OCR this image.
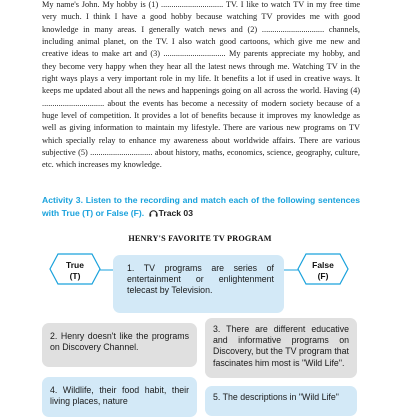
My name's John. My hobby is (1) .............................. TV. I like to watch TV in my free time very much. I think I have a good hobby because watching TV provides me with good knowledge in many areas. I generally watch news and (2) .............................. channels, including animal planet, on the TV. I also watch good cartoons, which give me new and creative ideas to make art and (3) .............................. My parents appreciate my hobby, and they become very happy when they hear all the latest news through me. Watching TV in the right ways plays a very important role in my life. It benefits a lot if used in creative ways. It keeps me updated about all the news and happenings going on all across the world. Having (4) .............................. about the events has become a necessity of modern society because of a huge level of competition. It provides a lot of benefits because it improves my knowledge as well as giving information to maintain my lifestyle. There are various new programs on TV which specially relay to enhance my awareness about worldwide affairs. There are various subjective (5) .............................. about history, maths, economics, science, geography, culture, etc. which increases my knowledge.

Activity 3. Listen to the recording and match each of the following sentences with True (T) or False (F). Track 03
HENRY'S FAVORITE TV PROGRAM
True
(T)
False
(F)
1. TV programs are series of entertainment or enlightenment telecast by Television.
2. Henry doesn't like the programs on Discovery Channel.
3. There are different educative and informative programs on Discovery, but the TV program that fascinates him most is "Wild Life".
4. Wildlife, their food habit, their living places, nature	5. The descriptions in "Wild Life"
